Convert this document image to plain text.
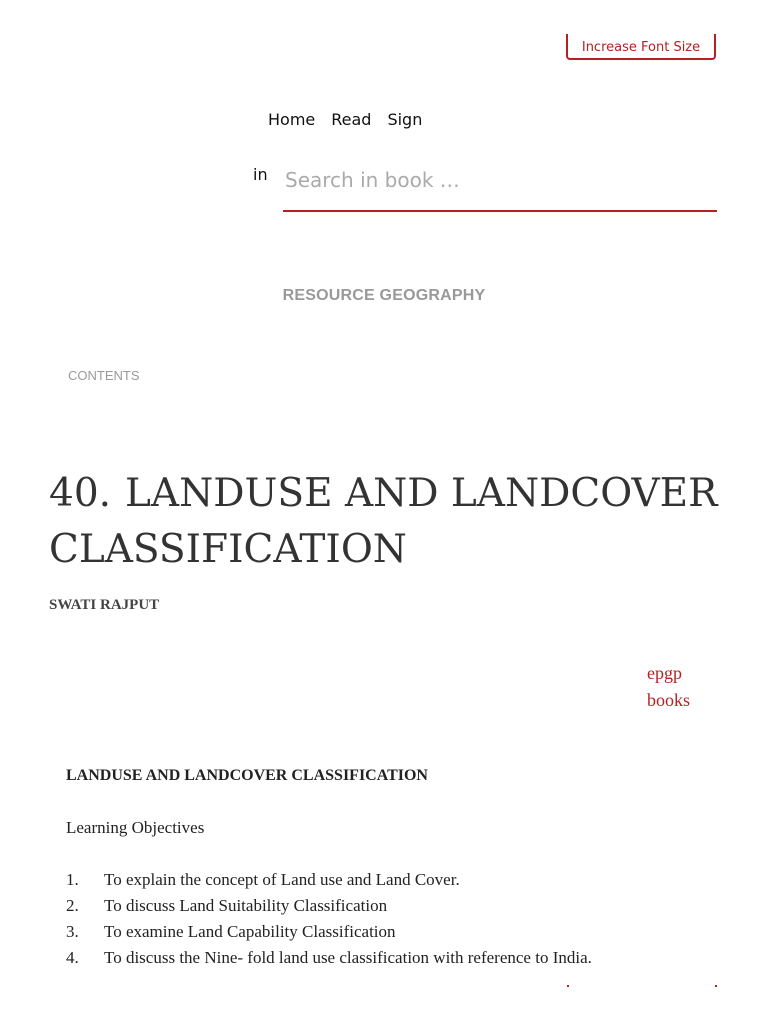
Increase Font Size
Home Read Sign
in
Search in book …
RESOURCE GEOGRAPHY
CONTENTS
40. LANDUSE AND LANDCOVER CLASSIFICATION
SWATI RAJPUT
epgp
books
LANDUSE AND LANDCOVER CLASSIFICATION
Learning Objectives
1.	To explain the concept of Land use and Land Cover.
2.	To discuss Land Suitability Classification
3.	To examine Land Capability Classification
4.	To discuss the Nine- fold land use classification with reference to India.
